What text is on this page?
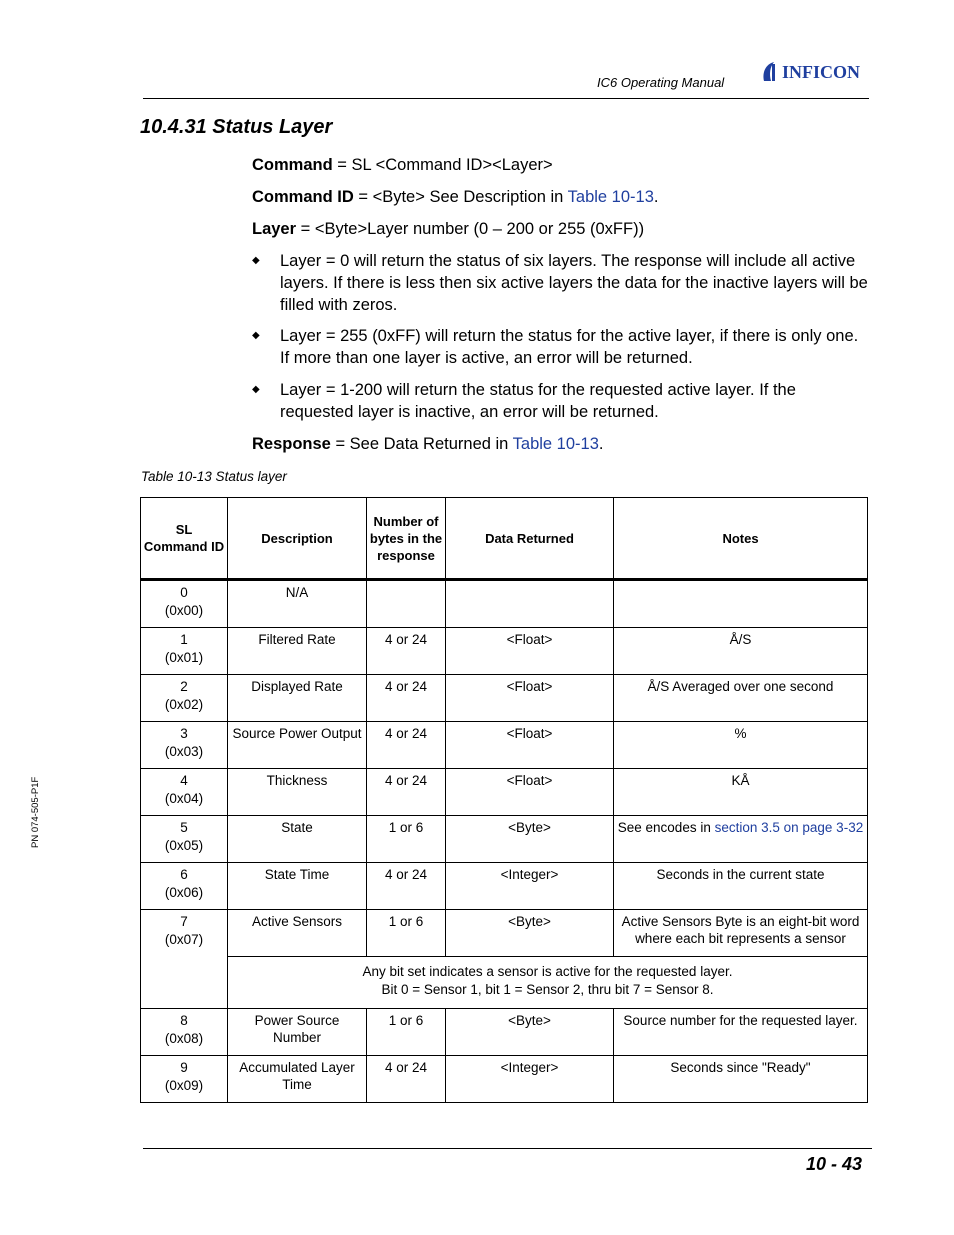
IC6 Operating Manual
INFICON
10.4.31 Status Layer
Command = SL <Command ID><Layer>
Command ID = <Byte> See Description in Table 10-13.
Layer = <Byte>Layer number (0 – 200 or 255 (0xFF))
◆ Layer = 0 will return the status of six layers. The response will include all active layers. If there is less then six active layers the data for the inactive layers will be filled with zeros.
◆ Layer = 255 (0xFF) will return the status for the active layer, if there is only one. If more than one layer is active, an error will be returned.
◆ Layer = 1-200 will return the status for the requested active layer. If the requested layer is inactive, an error will be returned.
Response = See Data Returned in Table 10-13.
Table 10-13 Status layer
SL Command ID	Description	Number of bytes in the response	Data Returned	Notes

0
(0x00)	N/A			

1
(0x01)	Filtered Rate	4 or 24	<Float>	Å/S

2
(0x02)	Displayed Rate	4 or 24	<Float>	Å/S Averaged over one second

3
(0x03)	Source Power Output	4 or 24	<Float>	%

4
(0x04)	Thickness	4 or 24	<Float>	KÅ

5
(0x05)	State	1 or 6	<Byte>	See encodes in section 3.5 on page 3-32

6
(0x06)	State Time	4 or 24	<Integer>	Seconds in the current state

7
(0x07)	Active Sensors	1 or 6	<Byte>	Active Sensors Byte is an eight-bit word where each bit represents a sensor

	Any bit set indicates a sensor is active for the requested layer.
Bit 0 = Sensor 1, bit 1 = Sensor 2, thru bit 7 = Sensor 8.			

8
(0x08)	Power Source Number	1 or 6	<Byte>	Source number for the requested layer.

9
(0x09)	Accumulated Layer Time	4 or 24	<Integer>	Seconds since "Ready"
PN 074-505-P1F
10 - 43
